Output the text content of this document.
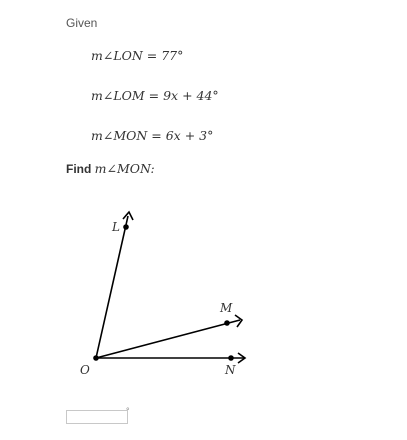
Given
m∠LON = 77°
m∠LOM = 9x + 44°
m∠MON = 6x + 3°
Find m∠MON:
L
M
N
O
°
